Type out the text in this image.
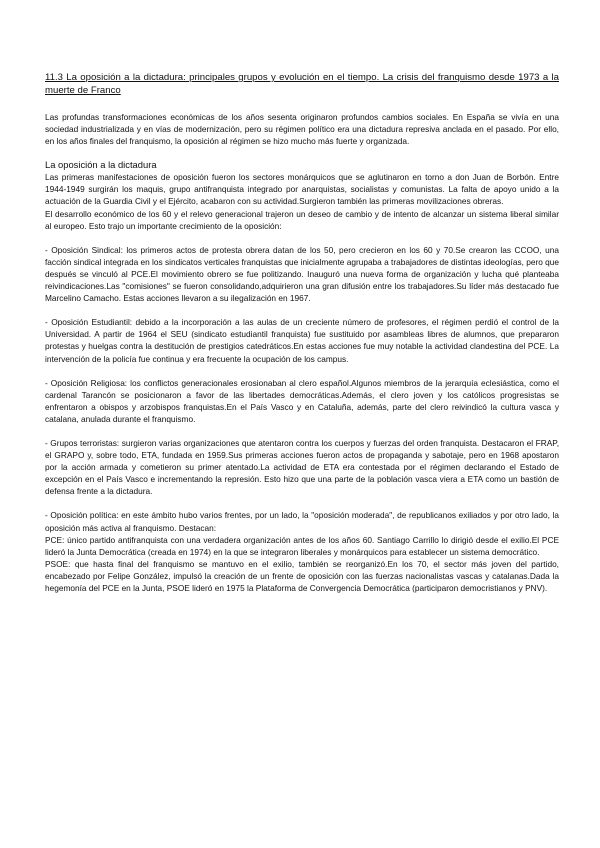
11.3 La oposición a la dictadura: principales grupos y evolución en el tiempo. La crisis del franquismo desde 1973 a la muerte de Franco

Las profundas transformaciones económicas de los años sesenta originaron profundos cambios sociales. En España se vivía en una sociedad industrializada y en vías de modernización, pero su régimen político era una dictadura represiva anclada en el pasado. Por ello, en los años finales del franquismo, la oposición al régimen se hizo mucho más fuerte y organizada.

La oposición a la dictadura

Las primeras manifestaciones de oposición fueron los sectores monárquicos que se aglutinaron en torno a don Juan de Borbón. Entre 1944-1949 surgirán los maquis, grupo antifranquista integrado por anarquistas, socialistas y comunistas. La falta de apoyo unido a la actuación de la Guardia Civil y el Ejército, acabaron con su actividad.Surgieron también las primeras movilizaciones obreras.

El desarrollo económico de los 60 y el relevo generacional trajeron un deseo de cambio y de intento de alcanzar un sistema liberal similar al europeo. Esto trajo un importante crecimiento de la oposición:

- Oposición Sindical: los primeros actos de protesta obrera datan de los 50, pero crecieron en los 60 y 70.Se crearon las CCOO, una facción sindical integrada en los sindicatos verticales franquistas que inicialmente agrupaba a trabajadores de distintas ideologías, pero que después se vinculó al PCE.El movimiento obrero se fue politizando. Inauguró una nueva forma de organización y lucha qué planteaba reivindicaciones.Las "comisiones" se fueron consolidando,adquirieron una gran difusión entre los trabajadores.Su líder más destacado fue Marcelino Camacho. Estas acciones llevaron a su ilegalización en 1967.

- Oposición Estudiantil: debido a la incorporación a las aulas de un creciente número de profesores, el régimen perdió el control de la Universidad. A partir de 1964 el SEU (sindicato estudiantil franquista) fue sustituido por asambleas libres de alumnos, que prepararon protestas y huelgas contra la destitución de prestigios catedráticos.En estas acciones fue muy notable la actividad clandestina del PCE. La intervención de la policía fue continua y era frecuente la ocupación de los campus.

- Oposición Religiosa: los conflictos generacionales erosionaban al clero español.Algunos miembros de la jerarquía eclesiástica, como el cardenal Tarancón se posicionaron a favor de las libertades democráticas.Además, el clero joven y los católicos progresistas se enfrentaron a obispos y arzobispos franquistas.En el País Vasco y en Cataluña, además, parte del clero reivindicó la cultura vasca y catalana, anulada durante el franquismo.

- Grupos terroristas: surgieron varias organizaciones que atentaron contra los cuerpos y fuerzas del orden franquista. Destacaron el FRAP, el GRAPO y, sobre todo, ETA, fundada en 1959.Sus primeras acciones fueron actos de propaganda y sabotaje, pero en 1968 apostaron por la acción armada y cometieron su primer atentado.La actividad de ETA era contestada por el régimen declarando el Estado de excepción en el País Vasco e incrementando la represión. Esto hizo que una parte de la población vasca viera a ETA como un bastión de defensa frente a la dictadura.

- Oposición política: en este ámbito hubo varios frentes, por un lado, la "oposición moderada", de republicanos exiliados y por otro lado, la oposición más activa al franquismo. Destacan:

PCE: único partido antifranquista con una verdadera organización antes de los años 60. Santiago Carrillo lo dirigió desde el exilio.El PCE lideró la Junta Democrática (creada en 1974) en la que se integraron liberales y monárquicos para establecer un sistema democrático.

PSOE: que hasta final del franquismo se mantuvo en el exilio, también se reorganizó.En los 70, el sector más joven del partido, encabezado por Felipe González, impulsó la creación de un frente de oposición con las fuerzas nacionalistas vascas y catalanas.Dada la hegemonía del PCE en la Junta, PSOE lideró en 1975 la Plataforma de Convergencia Democrática (participaron democristianos y PNV).
